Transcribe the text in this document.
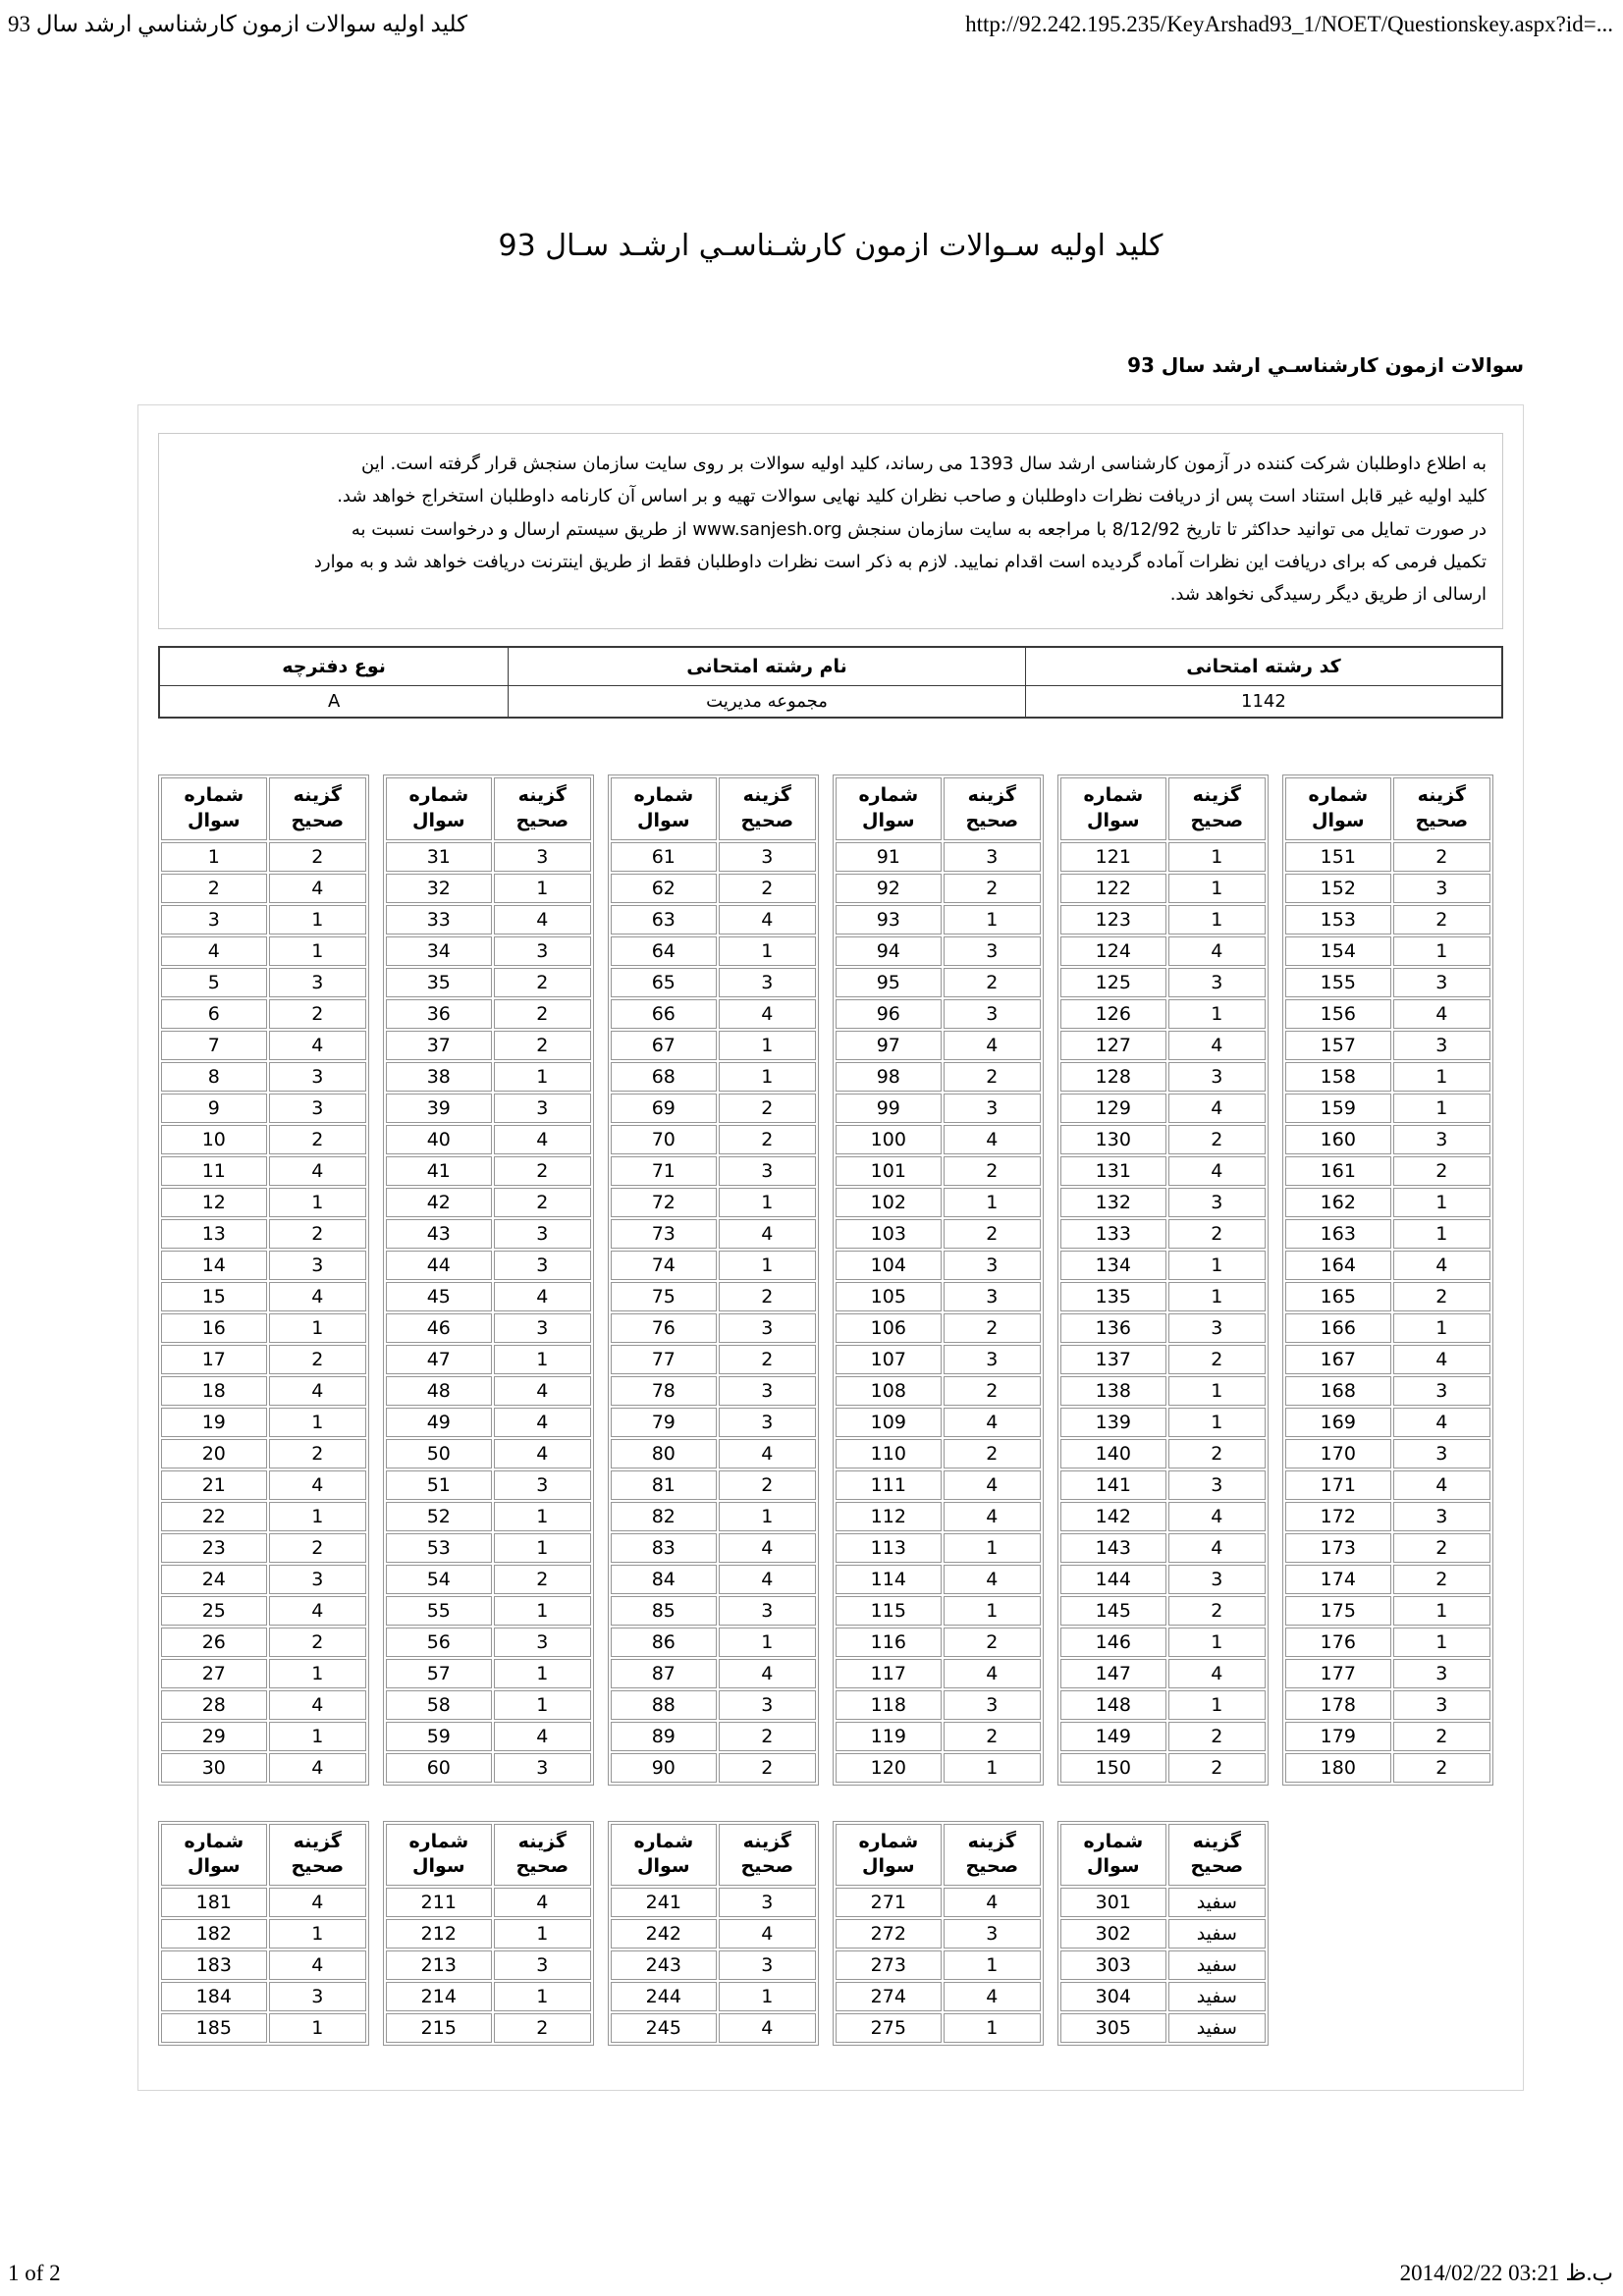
کلید اولیه سوالات ازمون کارشناسي ارشد سال 93	http://92.242.195.235/KeyArshad93_1/NOET/Questionskey.aspx?id=...
کلید اولیه سـوالات ازمون کارشـناسـي ارشـد سـال 93
سوالات ازمون کارشناسـي ارشد سال 93
به اطلاع داوطلبان شرکت کننده در آزمون کارشناسی ارشد سال 1393 می رساند، کلید اولیه سوالات بر روی سایت سازمان سنجش قرار گرفته است. این
کلید اولیه غیر قابل استناد است پس از دریافت نظرات داوطلبان و صاحب نظران کلید نهایی سوالات تهیه و بر اساس آن کارنامه داوطلبان استخراج خواهد شد.
در صورت تمایل می توانید حداکثر تا تاریخ 8/12/92 با مراجعه به سایت سازمان سنجش www.sanjesh.org از طریق سیستم ارسال و درخواست نسبت به
تکمیل فرمی که برای دریافت این نظرات آماده گردیده است اقدام نمایید. لازم به ذکر است نظرات داوطلبان فقط از طریق اینترنت دریافت خواهد شد و به موارد
ارسالی از طریق دیگر رسیدگی نخواهد شد.
کد رشته امتحانی	نام رشته امتحانی	نوع دفترچه
1142	مجموعه مديريت	A
شماره
سوال	گزینه
صحیح
1	2
2	4
3	1
4	1
5	3
6	2
7	4
8	3
9	3
10	2
11	4
12	1
13	2
14	3
15	4
16	1
17	2
18	4
19	1
20	2
21	4
22	1
23	2
24	3
25	4
26	2
27	1
28	4
29	1
30	4
شماره
سوال	گزینه
صحیح
31	3
32	1
33	4
34	3
35	2
36	2
37	2
38	1
39	3
40	4
41	2
42	2
43	3
44	3
45	4
46	3
47	1
48	4
49	4
50	4
51	3
52	1
53	1
54	2
55	1
56	3
57	1
58	1
59	4
60	3
شماره
سوال	گزینه
صحیح
61	3
62	2
63	4
64	1
65	3
66	4
67	1
68	1
69	2
70	2
71	3
72	1
73	4
74	1
75	2
76	3
77	2
78	3
79	3
80	4
81	2
82	1
83	4
84	4
85	3
86	1
87	4
88	3
89	2
90	2
شماره
سوال	گزینه
صحیح
91	3
92	2
93	1
94	3
95	2
96	3
97	4
98	2
99	3
100	4
101	2
102	1
103	2
104	3
105	3
106	2
107	3
108	2
109	4
110	2
111	4
112	4
113	1
114	4
115	1
116	2
117	4
118	3
119	2
120	1
شماره
سوال	گزینه
صحیح
121	1
122	1
123	1
124	4
125	3
126	1
127	4
128	3
129	4
130	2
131	4
132	3
133	2
134	1
135	1
136	3
137	2
138	1
139	1
140	2
141	3
142	4
143	4
144	3
145	2
146	1
147	4
148	1
149	2
150	2
شماره
سوال	گزینه
صحیح
151	2
152	3
153	2
154	1
155	3
156	4
157	3
158	1
159	1
160	3
161	2
162	1
163	1
164	4
165	2
166	1
167	4
168	3
169	4
170	3
171	4
172	3
173	2
174	2
175	1
176	1
177	3
178	3
179	2
180	2
شماره
سوال	گزینه
صحیح
181	4
182	1
183	4
184	3
185	1
شماره
سوال	گزینه
صحیح
211	4
212	1
213	3
214	1
215	2
شماره
سوال	گزینه
صحیح
241	3
242	4
243	3
244	1
245	4
شماره
سوال	گزینه
صحیح
271	4
272	3
273	1
274	4
275	1
شماره
سوال	گزینه
صحیح
301	سفید
302	سفید
303	سفید
304	سفید
305	سفید
1 of 2	2014/02/22 03:21 ب.ظ
